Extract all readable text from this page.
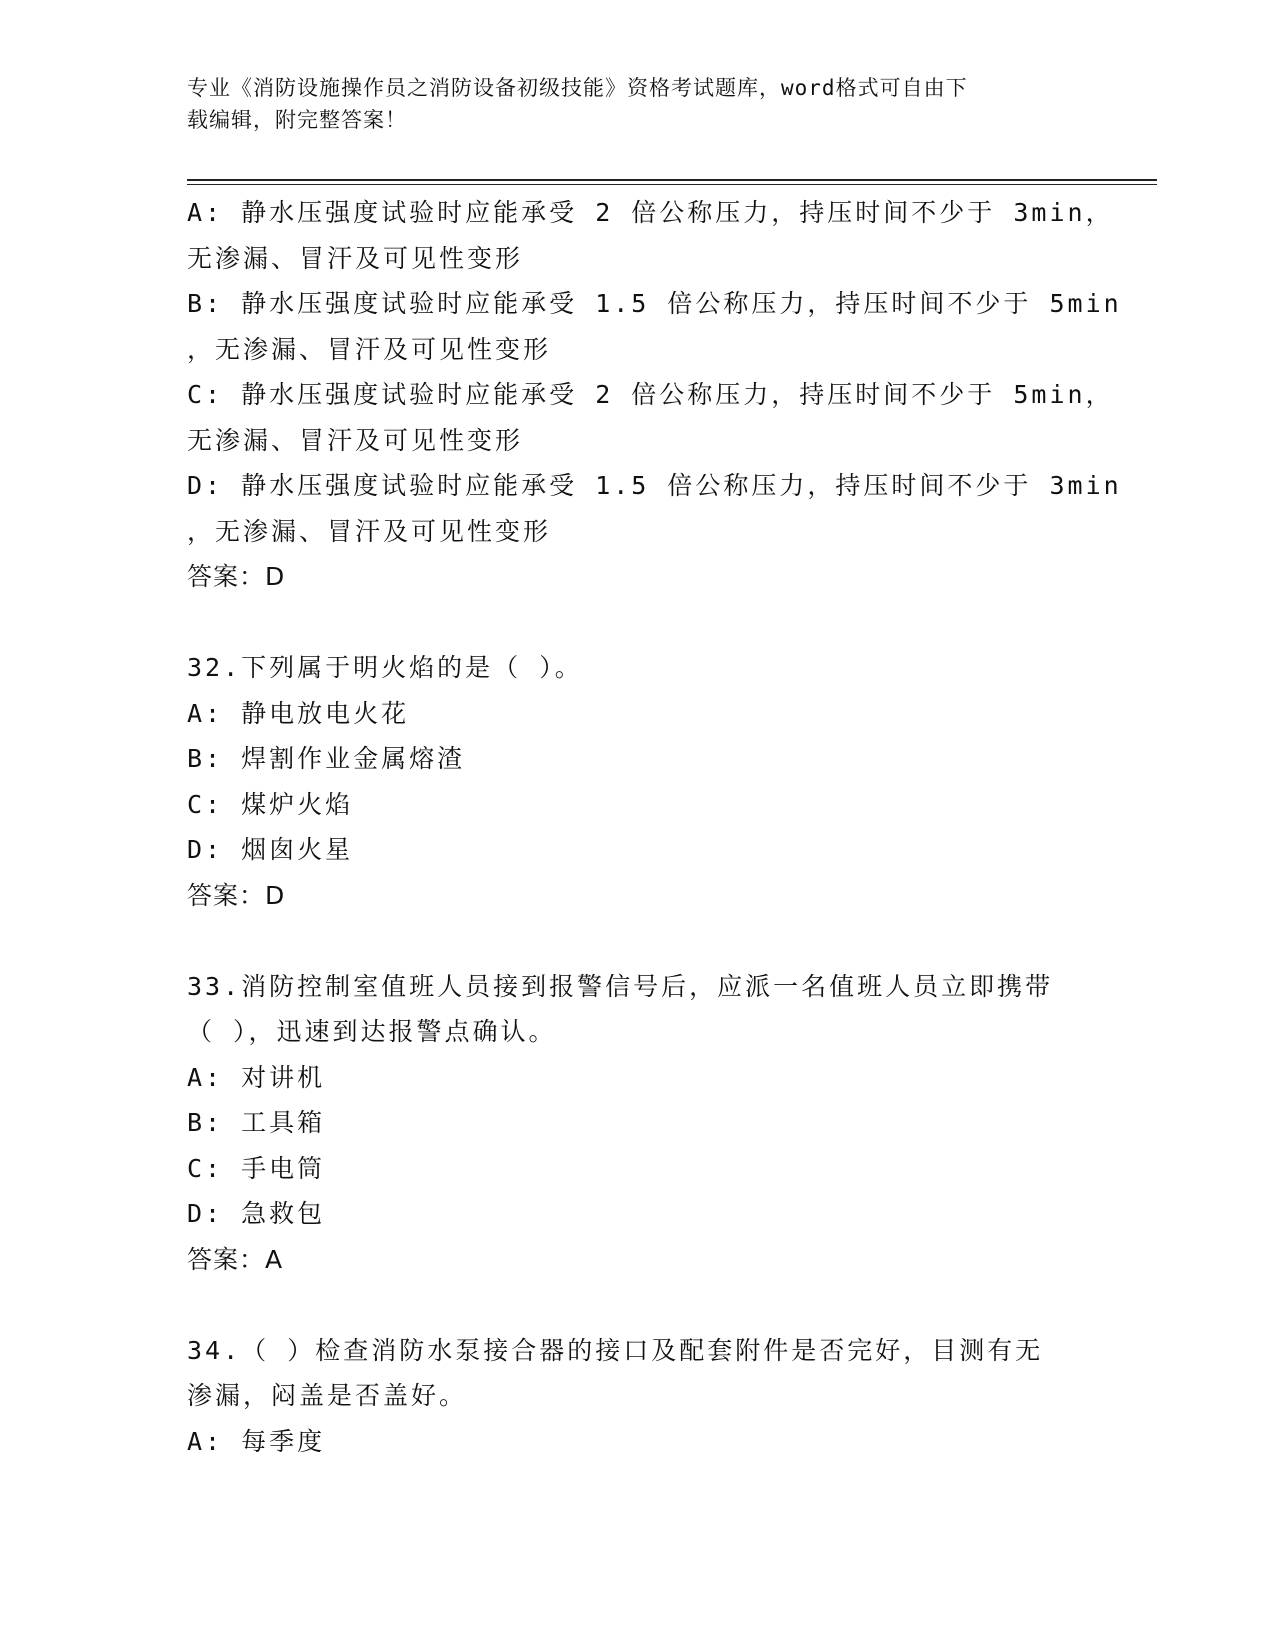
专业《消防设施操作员之消防设备初级技能》资格考试题库，word格式可自由下
载编辑，附完整答案！
A: 静水压强度试验时应能承受 2 倍公称压力，持压时间不少于 3min，
无渗漏、冒汗及可见性变形
B: 静水压强度试验时应能承受 1.5 倍公称压力，持压时间不少于 5min
，无渗漏、冒汗及可见性变形
C: 静水压强度试验时应能承受 2 倍公称压力，持压时间不少于 5min，
无渗漏、冒汗及可见性变形
D: 静水压强度试验时应能承受 1.5 倍公称压力，持压时间不少于 3min
，无渗漏、冒汗及可见性变形
答案：D
32.下列属于明火焰的是（ ）。
A: 静电放电火花
B: 焊割作业金属熔渣
C: 煤炉火焰
D: 烟囱火星
答案：D
33.消防控制室值班人员接到报警信号后，应派一名值班人员立即携带
（ ），迅速到达报警点确认。
A: 对讲机
B: 工具箱
C: 手电筒
D: 急救包
答案：A
34.（ ）检查消防水泵接合器的接口及配套附件是否完好，目测有无
渗漏，闷盖是否盖好。
A: 每季度
